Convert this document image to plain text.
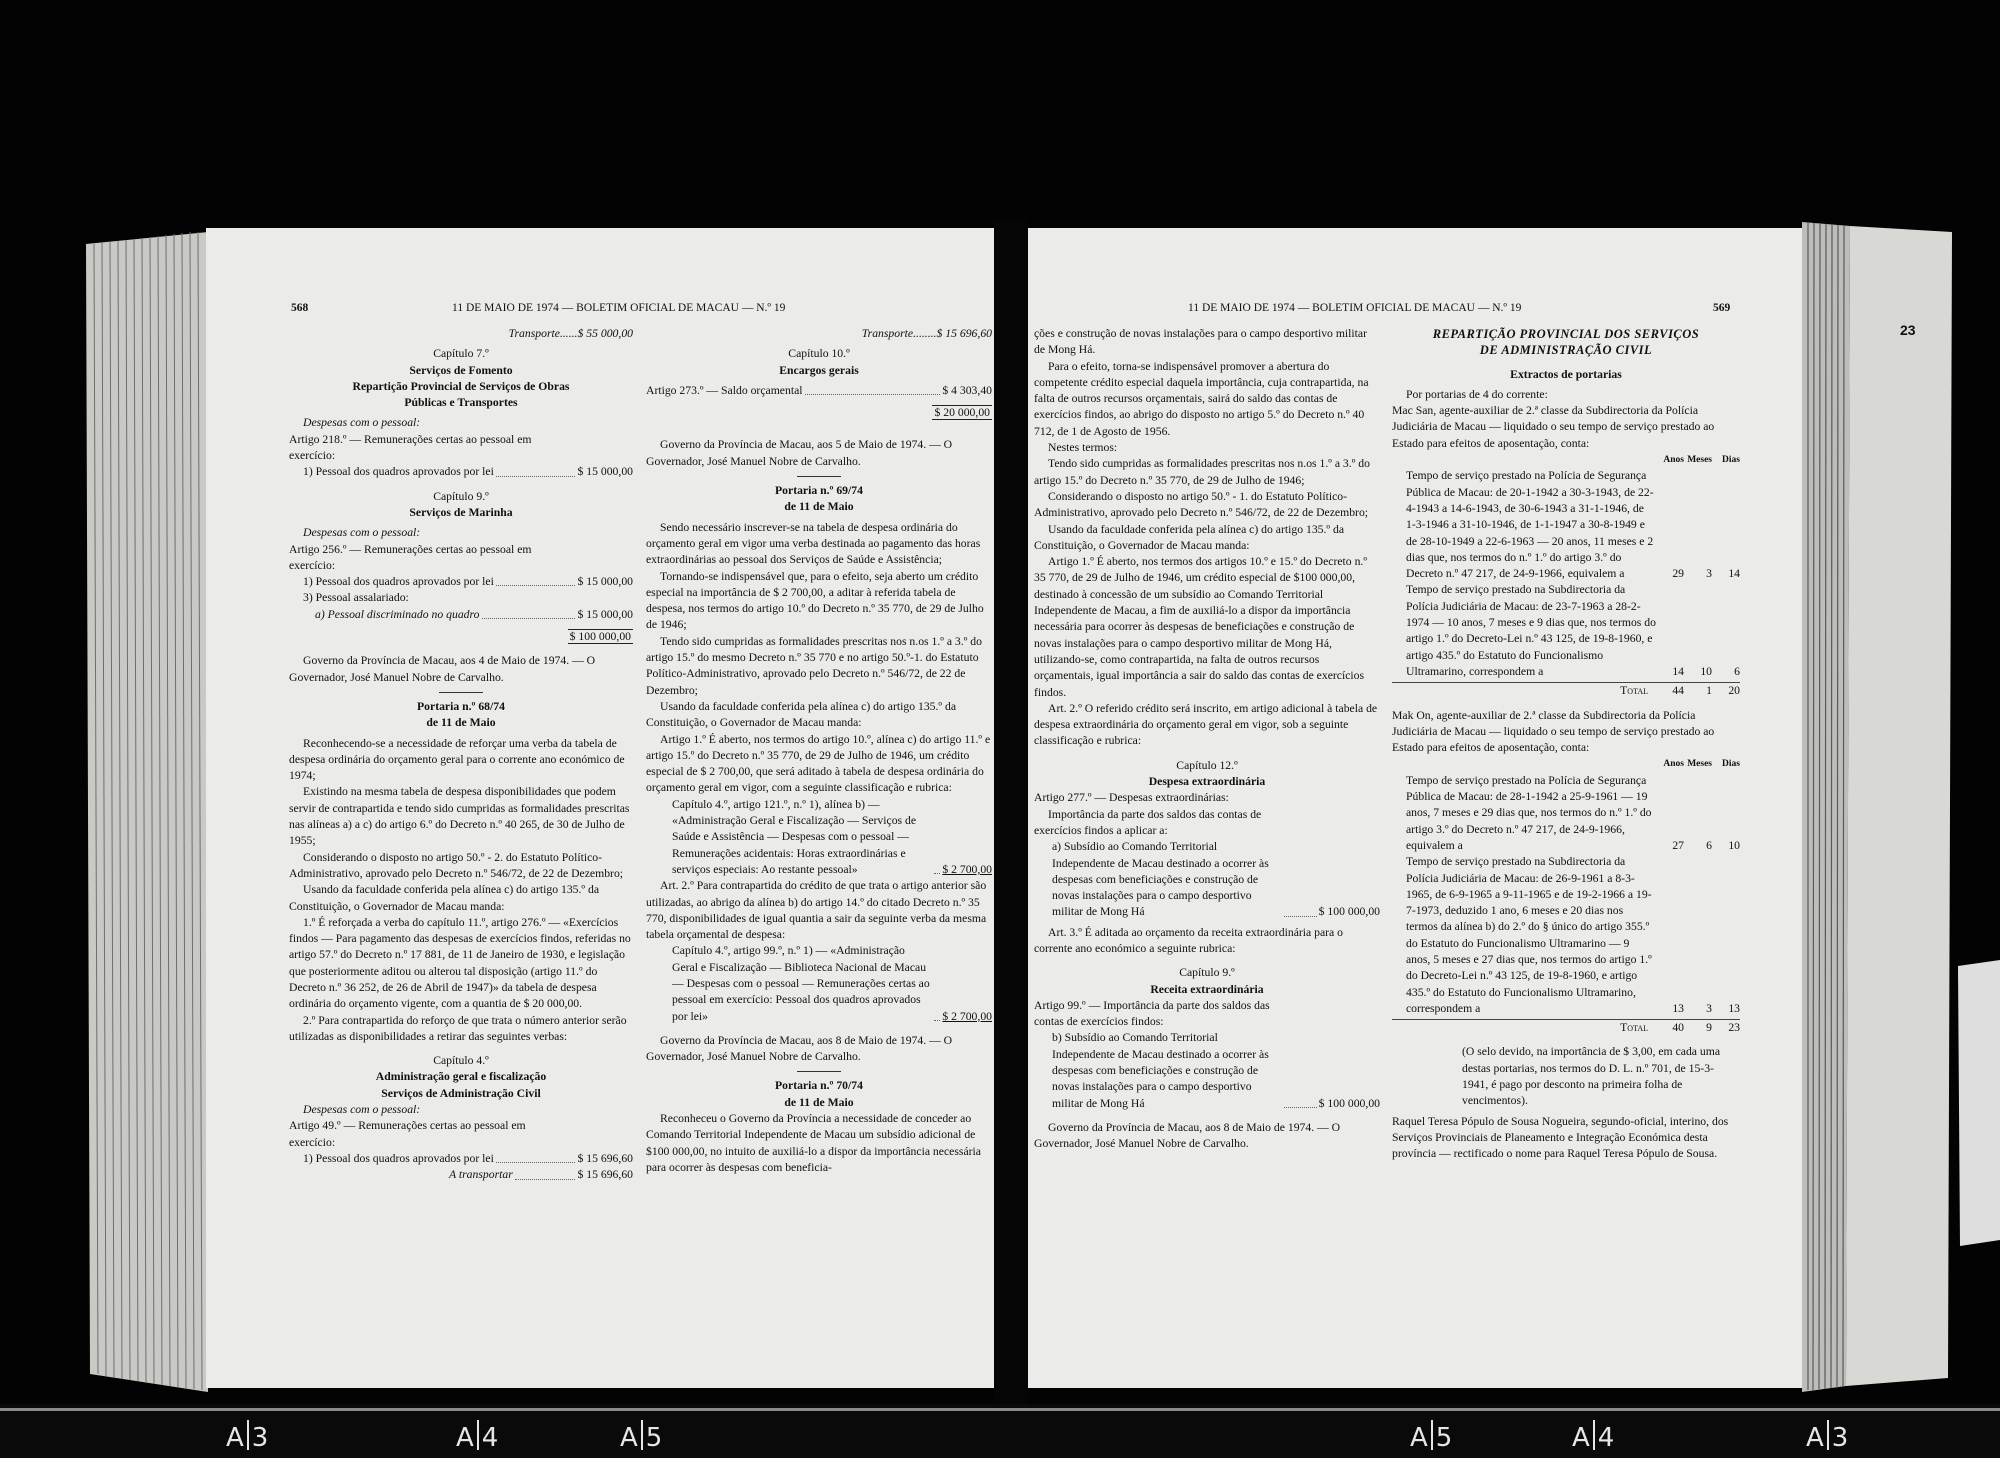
568	11 DE MAIO DE 1974 — BOLETIM OFICIAL DE MACAU — N.º 19	11 DE MAIO DE 1974 — BOLETIM OFICIAL DE MACAU — N.º 19	569

Transporte......$ 55 000,00

Capítulo 7.º

Serviços de Fomento

Repartição Provincial de Serviços de Obras Públicas e Transportes

Despesas com o pessoal:

Artigo 218.º — Remunerações certas ao pessoal em exercício:

1) Pessoal dos quadros aprovados por lei	$ 15 000,00

Capítulo 9.º

Serviços de Marinha

Despesas com o pessoal:

Artigo 256.º — Remunerações certas ao pessoal em exercício:

1) Pessoal dos quadros aprovados por lei	$ 15 000,00

3) Pessoal assalariado:

a) Pessoal discriminado no quadro	$ 15 000,00

$ 100 000,00

Governo da Província de Macau, aos 4 de Maio de 1974. — O Governador, José Manuel Nobre de Carvalho.

Portaria n.º 68/74

de 11 de Maio

Reconhecendo-se a necessidade de reforçar uma verba da tabela de despesa ordinária do orçamento geral para o corrente ano económico de 1974;

Existindo na mesma tabela de despesa disponibilidades que podem servir de contrapartida e tendo sido cumpridas as formalidades prescritas nas alíneas a) a c) do artigo 6.º do Decreto n.º 40 265, de 30 de Julho de 1955;

Considerando o disposto no artigo 50.º - 2. do Estatuto Político-Administrativo, aprovado pelo Decreto n.º 546/72, de 22 de Dezembro;

Usando da faculdade conferida pela alínea c) do artigo 135.º da Constituição, o Governador de Macau manda:

1.º É reforçada a verba do capítulo 11.º, artigo 276.º — «Exercícios findos — Para pagamento das despesas de exercícios findos, referidas no artigo 57.º do Decreto n.º 17 881, de 11 de Janeiro de 1930, e legislação que posteriormente aditou ou alterou tal disposição (artigo 11.º do Decreto n.º 36 252, de 26 de Abril de 1947)» da tabela de despesa ordinária do orçamento vigente, com a quantia de $ 20 000,00.

2.º Para contrapartida do reforço de que trata o número anterior serão utilizadas as disponibilidades a retirar das seguintes verbas:

Capítulo 4.º

Administração geral e fiscalização

Serviços de Administração Civil

Despesas com o pessoal:

Artigo 49.º — Remunerações certas ao pessoal em exercício:

1) Pessoal dos quadros aprovados por lei	$ 15 696,60
A transportar	$ 15 696,60

Transporte........$ 15 696,60

Capítulo 10.º

Encargos gerais

Artigo 273.º — Saldo orçamental	$ 4 303,40

$ 20 000,00

Governo da Província de Macau, aos 5 de Maio de 1974. — O Governador, José Manuel Nobre de Carvalho.

Portaria n.º 69/74

de 11 de Maio

Sendo necessário inscrever-se na tabela de despesa ordinária do orçamento geral em vigor uma verba destinada ao pagamento das horas extraordinárias ao pessoal dos Serviços de Saúde e Assistência;

Tornando-se indispensável que, para o efeito, seja aberto um crédito especial na importância de $ 2 700,00, a aditar à referida tabela de despesa, nos termos do artigo 10.º do Decreto n.º 35 770, de 29 de Julho de 1946;

Tendo sido cumpridas as formalidades prescritas nos n.os 1.º a 3.º do artigo 15.º do mesmo Decreto n.º 35 770 e no artigo 50.º-1. do Estatuto Político-Administrativo, aprovado pelo Decreto n.º 546/72, de 22 de Dezembro;

Usando da faculdade conferida pela alínea c) do artigo 135.º da Constituição, o Governador de Macau manda:

Artigo 1.º É aberto, nos termos do artigo 10.º, alínea c) do artigo 11.º e artigo 15.º do Decreto n.º 35 770, de 29 de Julho de 1946, um crédito especial de $ 2 700,00, que será aditado à tabela de despesa ordinária do orçamento geral em vigor, com a seguinte classificação e rubrica:

Capítulo 4.º, artigo 121.º, n.º 1), alínea b) — «Administração Geral e Fiscalização — Serviços de Saúde e Assistência — Despesas com o pessoal — Remunerações acidentais: Horas extraordinárias e serviços especiais: Ao restante pessoal»	$ 2 700,00

Art. 2.º Para contrapartida do crédito de que trata o artigo anterior são utilizadas, ao abrigo da alínea b) do artigo 14.º do citado Decreto n.º 35 770, disponibilidades de igual quantia a sair da seguinte verba da mesma tabela orçamental de despesa:

Capítulo 4.º, artigo 99.º, n.º 1) — «Administração Geral e Fiscalização — Biblioteca Nacional de Macau — Despesas com o pessoal — Remunerações certas ao pessoal em exercício: Pessoal dos quadros aprovados por lei»	$ 2 700,00

Governo da Província de Macau, aos 8 de Maio de 1974. — O Governador, José Manuel Nobre de Carvalho.

Portaria n.º 70/74

de 11 de Maio

Reconheceu o Governo da Província a necessidade de conceder ao Comando Territorial Independente de Macau um subsídio adicional de $100 000,00, no intuito de auxiliá-lo a dispor da importância necessária para ocorrer às despesas com beneficia-

ções e construção de novas instalações para o campo desportivo militar de Mong Há.

Para o efeito, torna-se indispensável promover a abertura do competente crédito especial daquela importância, cuja contrapartida, na falta de outros recursos orçamentais, sairá do saldo das contas de exercícios findos, ao abrigo do disposto no artigo 5.º do Decreto n.º 40 712, de 1 de Agosto de 1956.

Nestes termos:

Tendo sido cumpridas as formalidades prescritas nos n.os 1.º a 3.º do artigo 15.º do Decreto n.º 35 770, de 29 de Julho de 1946;

Considerando o disposto no artigo 50.º - 1. do Estatuto Político-Administrativo, aprovado pelo Decreto n.º 546/72, de 22 de Dezembro;

Usando da faculdade conferida pela alínea c) do artigo 135.º da Constituição, o Governador de Macau manda:

Artigo 1.º É aberto, nos termos dos artigos 10.º e 15.º do Decreto n.º 35 770, de 29 de Julho de 1946, um crédito especial de $100 000,00, destinado à concessão de um subsídio ao Comando Territorial Independente de Macau, a fim de auxiliá-lo a dispor da importância necessária para ocorrer às despesas de beneficiações e construção de novas instalações para o campo desportivo militar de Mong Há, utilizando-se, como contrapartida, na falta de outros recursos orçamentais, igual importância a sair do saldo das contas de exercícios findos.

Art. 2.º O referido crédito será inscrito, em artigo adicional à tabela de despesa extraordinária do orçamento geral em vigor, sob a seguinte classificação e rubrica:

Capítulo 12.º

Despesa extraordinária

Artigo 277.º — Despesas extraordinárias:

Importância da parte dos saldos das contas de exercícios findos a aplicar a:

a) Subsídio ao Comando Territorial Independente de Macau destinado a ocorrer às despesas com beneficiações e construção de novas instalações para o campo desportivo militar de Mong Há	$ 100 000,00

Art. 3.º É aditada ao orçamento da receita extraordinária para o corrente ano económico a seguinte rubrica:

Capítulo 9.º

Receita extraordinária

Artigo 99.º — Importância da parte dos saldos das contas de exercícios findos:

b) Subsídio ao Comando Territorial Independente de Macau destinado a ocorrer às despesas com beneficiações e construção de novas instalações para o campo desportivo militar de Mong Há	$ 100 000,00

Governo da Província de Macau, aos 8 de Maio de 1974. — O Governador, José Manuel Nobre de Carvalho.

REPARTIÇÃO PROVINCIAL DOS SERVIÇOS

DE ADMINISTRAÇÃO CIVIL

Extractos de portarias

Por portarias de 4 do corrente:

Mac San, agente-auxiliar de 2.ª classe da Subdirectoria da Polícia Judiciária de Macau — liquidado o seu tempo de serviço prestado ao Estado para efeitos de aposentação, conta:

Anos Meses	Dias
Tempo de serviço prestado na Polícia de Segurança Pública de Macau: de 20-1-1942 a 30-3-1943, de 22-4-1943 a 14-6-1943, de 30-6-1943 a 31-1-1946, de 1-3-1946 a 31-10-1946, de 1-1-1947 a 30-8-1949 e de 28-10-1949 a 22-6-1963 — 20 anos, 11 meses e 2 dias que, nos termos do n.º 1.º do artigo 3.º do Decreto n.º 47 217, de 24-9-1966, equivalem a	29	3	14
Tempo de serviço prestado na Subdirectoria da Polícia Judiciária de Macau: de 23-7-1963 a 28-2-1974 — 10 anos, 7 meses e 9 dias que, nos termos do artigo 1.º do Decreto-Lei n.º 43 125, de 19-8-1960, e artigo 435.º do Estatuto do Funcionalismo Ultramarino, correspondem a	14	10	6
Total	44	1	20

Mak On, agente-auxiliar de 2.ª classe da Subdirectoria da Polícia Judiciária de Macau — liquidado o seu tempo de serviço prestado ao Estado para efeitos de aposentação, conta:

Anos Meses	Dias
Tempo de serviço prestado na Polícia de Segurança Pública de Macau: de 28-1-1942 a 25-9-1961 — 19 anos, 7 meses e 29 dias que, nos termos do n.º 1.º do artigo 3.º do Decreto n.º 47 217, de 24-9-1966, equivalem a	27	6	10
Tempo de serviço prestado na Subdirectoria da Polícia Judiciária de Macau: de 26-9-1961 a 8-3-1965, de 6-9-1965 a 9-11-1965 e de 19-2-1966 a 19-7-1973, deduzido 1 ano, 6 meses e 20 dias nos termos da alínea b) do 2.º do § único do artigo 355.º do Estatuto do Funcionalismo Ultramarino — 9 anos, 5 meses e 27 dias que, nos termos do artigo 1.º do Decreto-Lei n.º 43 125, de 19-8-1960, e artigo 435.º do Estatuto do Funcionalismo Ultramarino, correspondem a	13	3	13
Total	40	9	23

(O selo devido, na importância de $ 3,00, em cada uma destas portarias, nos termos do D. L. n.º 701, de 15-3-1941, é pago por desconto na primeira folha de vencimentos).

Raquel Teresa Pópulo de Sousa Nogueira, segundo-oficial, interino, dos Serviços Provinciais de Planeamento e Integração Económica desta província — rectificado o nome para Raquel Teresa Pópulo de Sousa.

23
A 3	A 4	A 5	A 5	A 4	A 3
